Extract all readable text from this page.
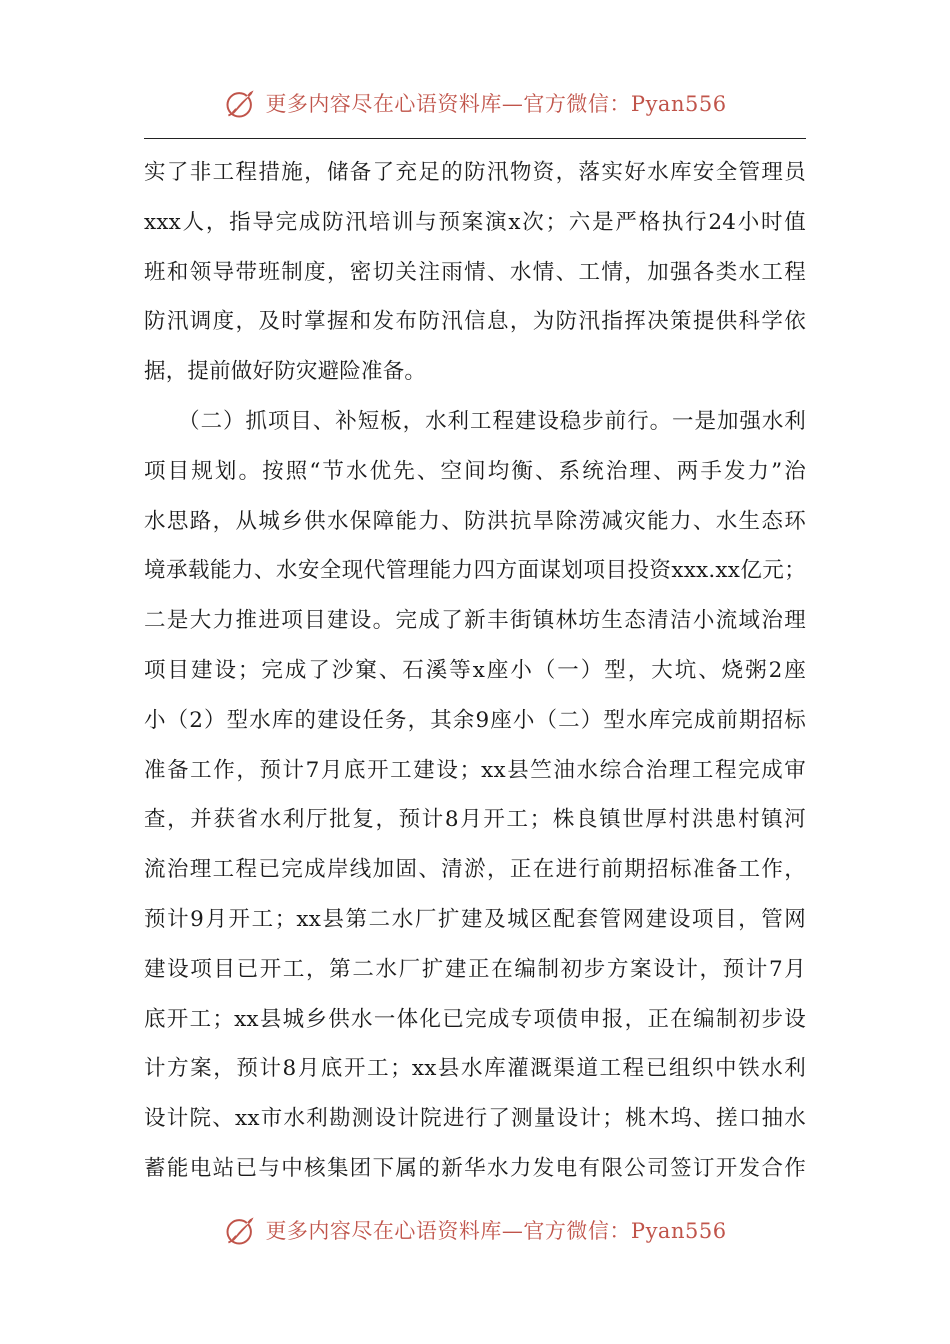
更多内容尽在心语资料库—官方微信：Pyan556
实了非工程措施，储备了充足的防汛物资，落实好水库安全管理员
xxx人，指导完成防汛培训与预案演x次；六是严格执行24小时值
班和领导带班制度，密切关注雨情、水情、工情，加强各类水工程
防汛调度，及时掌握和发布防汛信息，为防汛指挥决策提供科学依
据，提前做好防灾避险准备。
　　（二）抓项目、补短板，水利工程建设稳步前行。一是加强水利
项目规划。按照“节水优先、空间均衡、系统治理、两手发力”治
水思路，从城乡供水保障能力、防洪抗旱除涝减灾能力、水生态环
境承载能力、水安全现代管理能力四方面谋划项目投资xxx.xx亿元；
二是大力推进项目建设。完成了新丰街镇林坊生态清洁小流域治理
项目建设；完成了沙窠、石溪等x座小（一）型，大坑、烧粥2座
小（2）型水库的建设任务，其余9座小（二）型水库完成前期招标
准备工作，预计7月底开工建设；xx县竺油水综合治理工程完成审
查，并获省水利厅批复，预计8月开工；株良镇世厚村洪患村镇河
流治理工程已完成岸线加固、清淤，正在进行前期招标准备工作，
预计9月开工；xx县第二水厂扩建及城区配套管网建设项目，管网
建设项目已开工，第二水厂扩建正在编制初步方案设计，预计7月
底开工；xx县城乡供水一体化已完成专项债申报，正在编制初步设
计方案，预计8月底开工；xx县水库灌溉渠道工程已组织中铁水利
设计院、xx市水利勘测设计院进行了测量设计；桃木坞、搓口抽水
蓄能电站已与中核集团下属的新华水力发电有限公司签订开发合作
更多内容尽在心语资料库—官方微信：Pyan556
